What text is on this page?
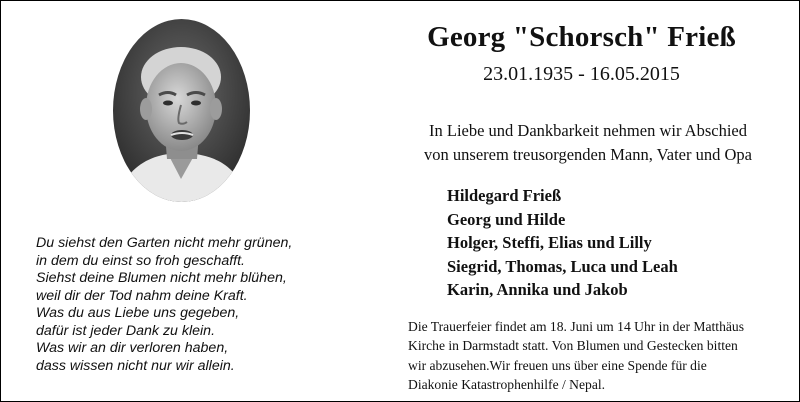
Du siehst den Garten nicht mehr grünen,
in dem du einst so froh geschafft.
Siehst deine Blumen nicht mehr blühen,
weil dir der Tod nahm deine Kraft.
Was du aus Liebe uns gegeben,
dafür ist jeder Dank zu klein.
Was wir an dir verloren haben,
dass wissen nicht nur wir allein.
Georg "Schorsch" Frieß
23.01.1935 - 16.05.2015
In Liebe und Dankbarkeit nehmen wir Abschied
von unserem treusorgenden Mann, Vater und Opa
Hildegard Frieß
Georg und Hilde
Holger, Steffi, Elias und Lilly
Siegrid, Thomas, Luca und Leah
Karin, Annika und Jakob
Die Trauerfeier findet am 18. Juni um 14 Uhr in der Matthäus
Kirche in Darmstadt statt. Von Blumen und Gestecken bitten
wir abzusehen.Wir freuen uns über eine Spende für die
Diakonie Katastrophenhilfe / Nepal.
